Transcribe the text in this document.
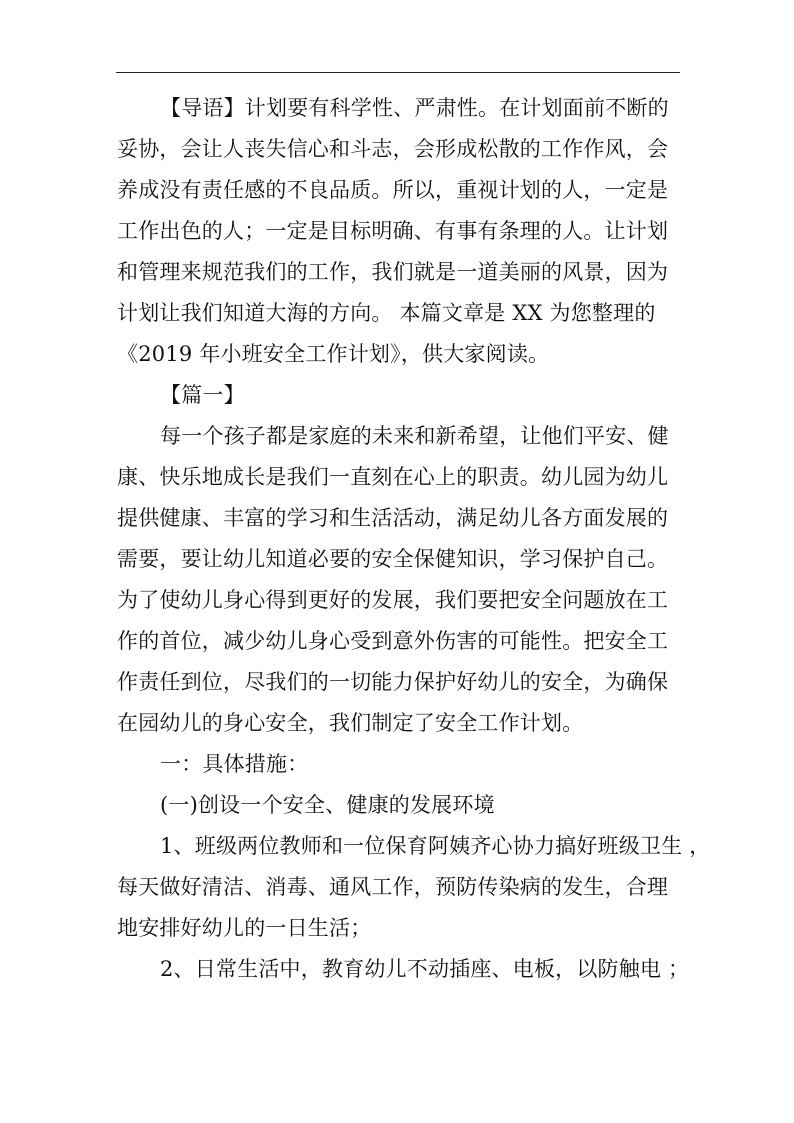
【导语】计划要有科学性、严肃性。在计划面前不断的
妥协，会让人丧失信心和斗志，会形成松散的工作作风，会
养成没有责任感的不良品质。所以，重视计划的人，一定是
工作出色的人；一定是目标明确、有事有条理的人。让计划
和管理来规范我们的工作，我们就是一道美丽的风景，因为
计划让我们知道大海的方向。 本篇文章是 XX 为您整理的
《2019 年小班安全工作计划》，供大家阅读。
【篇一】
每一个孩子都是家庭的未来和新希望，让他们平安、健
康、快乐地成长是我们一直刻在心上的职责。幼儿园为幼儿
提供健康、丰富的学习和生活活动，满足幼儿各方面发展的
需要，要让幼儿知道必要的安全保健知识，学习保护自己。
为了使幼儿身心得到更好的发展，我们要把安全问题放在工
作的首位，减少幼儿身心受到意外伤害的可能性。把安全工
作责任到位，尽我们的一切能力保护好幼儿的安全，为确保
在园幼儿的身心安全，我们制定了安全工作计划。
一：具体措施：
(一)创设一个安全、健康的发展环境
1、班级两位教师和一位保育阿姨齐心协力搞好班级卫生 ，
每天做好清洁、消毒、通风工作，预防传染病的发生，合理
地安排好幼儿的一日生活；
2、日常生活中，教育幼儿不动插座、电板，以防触电 ；
